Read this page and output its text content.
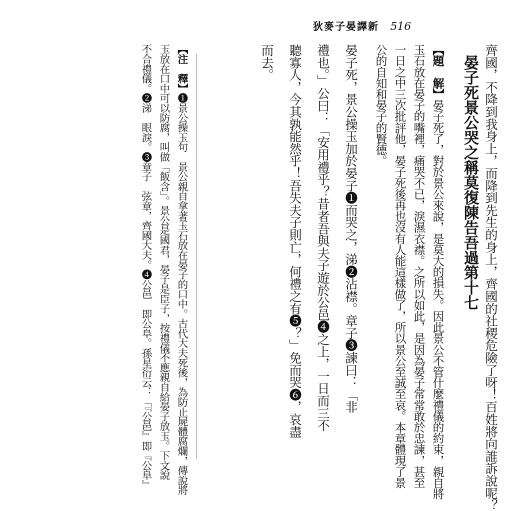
狄麥子晏譯新 516
齊國，不降到我身上，而降到先生的身上，齊國的社稷危險了呀！百姓將向誰訴說呢？
晏子死景公哭之稱莫復陳告吾過第十七
【題　解】晏子死了，對於景公來說，是莫大的損失。因此景公不管什麼禮儀的約束，親自將
玉石放在晏子的嘴裡，痛哭不已，淚濕衣襟。之所以如此，是因為晏子常常敢於忠諫，甚至
一日之中三次批評他，晏子死後再也沒有人能這樣做了，所以景公至誠至哀。本章體現了景
公的自知和晏子的賢德。
晏子死，景公操玉加於晏子❶而哭之，涕❷沾襟。章子❸諫曰：「非
禮也。」公曰：「安用禮乎？昔者吾與夫子遊於公邑❹之上，一日而三不
聽寡人，今其孰能然乎！吾失夫子則亡，何禮之有❺？」免而哭❻，哀盡
而去。
【注　釋】❶景公操玉句　景公親自拿著玉石放在晏子的口中。古代大夫死後，為防止屍體腐爛，傳說將
玉放在口中可以防腐，叫做「飯含」。景公是國君，晏子是臣子，按禮儀不應親自給晏子放玉。下文說
不合禮儀。❷涕　眼淚。❸章子　弦章，齊國大夫。❹公邑　即公阜。孫星衍云：「『公邑』即『公阜』
